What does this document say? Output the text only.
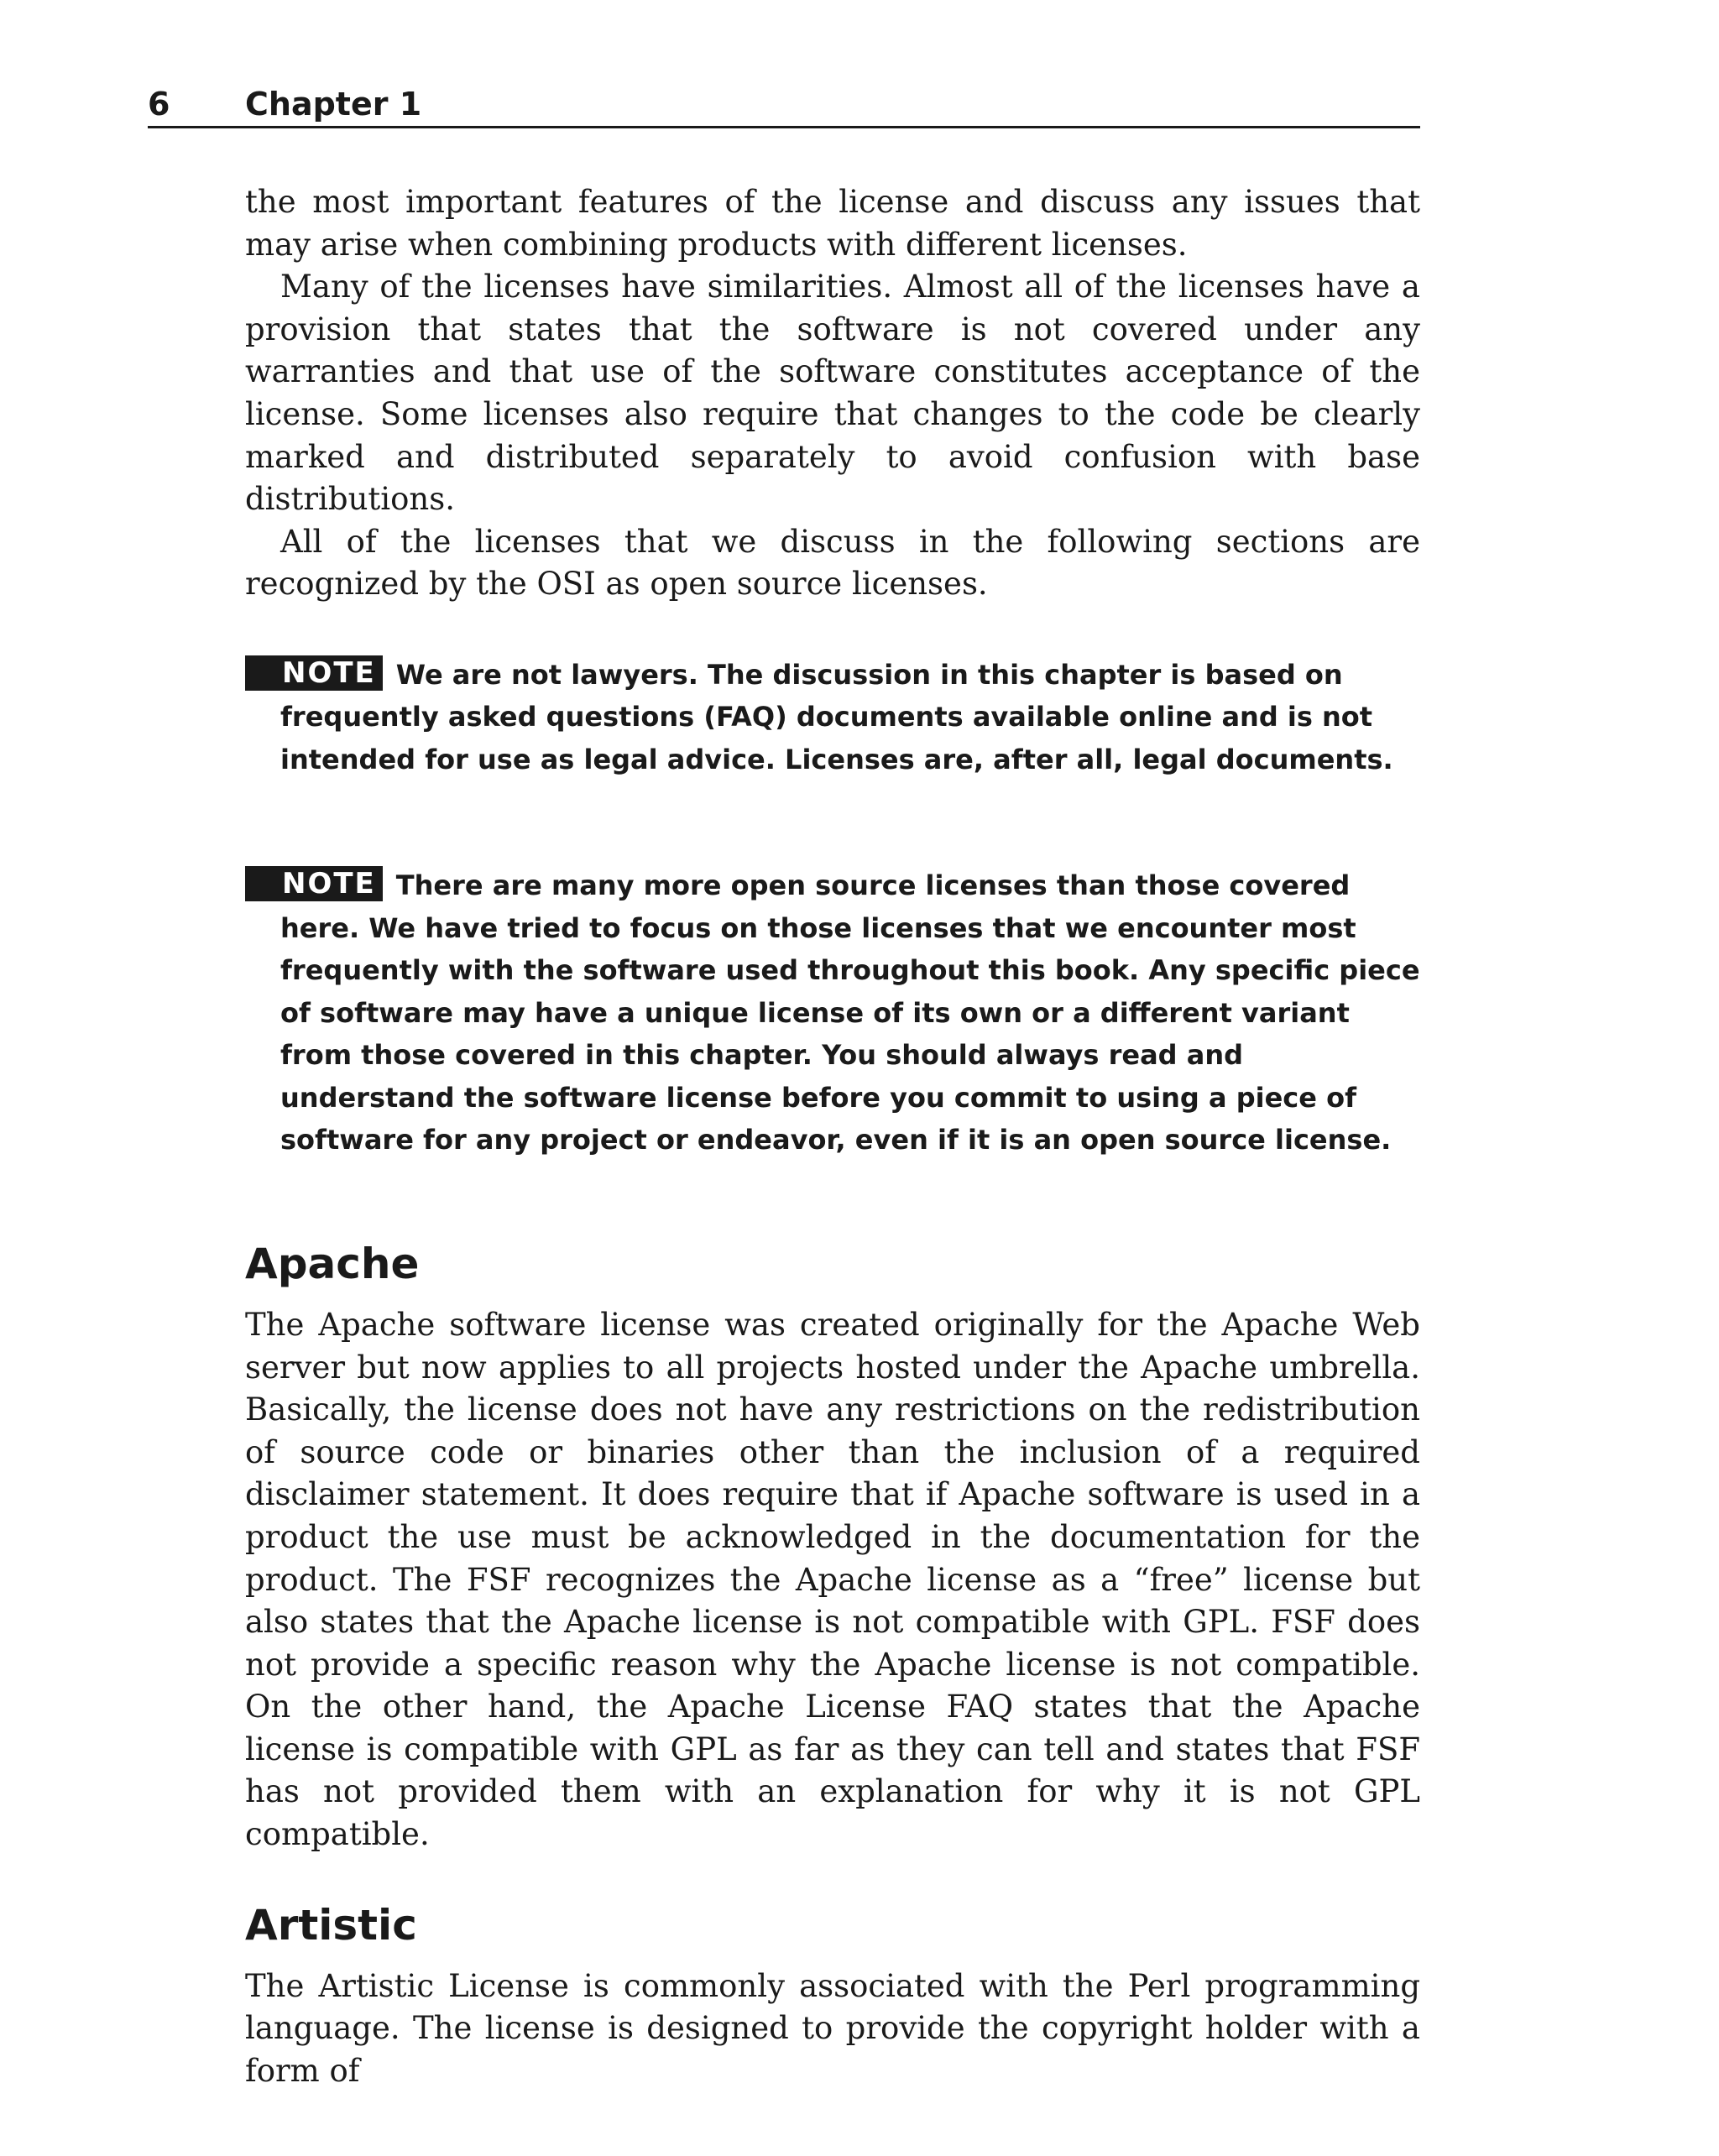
6 Chapter 1

the most important features of the license and discuss any issues that may arise when combining products with different licenses.

Many of the licenses have similarities. Almost all of the licenses have a provision that states that the software is not covered under any warranties and that use of the software constitutes acceptance of the license. Some licenses also require that changes to the code be clearly marked and distributed separately to avoid confusion with base distributions.

All of the licenses that we discuss in the following sections are recognized by the OSI as open source licenses.

NOTE We are not lawyers. The discussion in this chapter is based on frequently asked questions (FAQ) documents available online and is not intended for use as legal advice. Licenses are, after all, legal documents.

NOTE There are many more open source licenses than those covered here. We have tried to focus on those licenses that we encounter most frequently with the software used throughout this book. Any specific piece of software may have a unique license of its own or a different variant from those covered in this chapter. You should always read and understand the software license before you commit to using a piece of software for any project or endeavor, even if it is an open source license.

Apache

The Apache software license was created originally for the Apache Web server but now applies to all projects hosted under the Apache umbrella. Basically, the license does not have any restrictions on the redistribution of source code or binaries other than the inclusion of a required disclaimer statement. It does require that if Apache software is used in a product the use must be acknowledged in the documentation for the product. The FSF recognizes the Apache license as a “free” license but also states that the Apache license is not compatible with GPL. FSF does not provide a specific reason why the Apache license is not compatible. On the other hand, the Apache License FAQ states that the Apache license is compatible with GPL as far as they can tell and states that FSF has not provided them with an explanation for why it is not GPL compatible.

Artistic

The Artistic License is commonly associated with the Perl programming language. The license is designed to provide the copyright holder with a form of
